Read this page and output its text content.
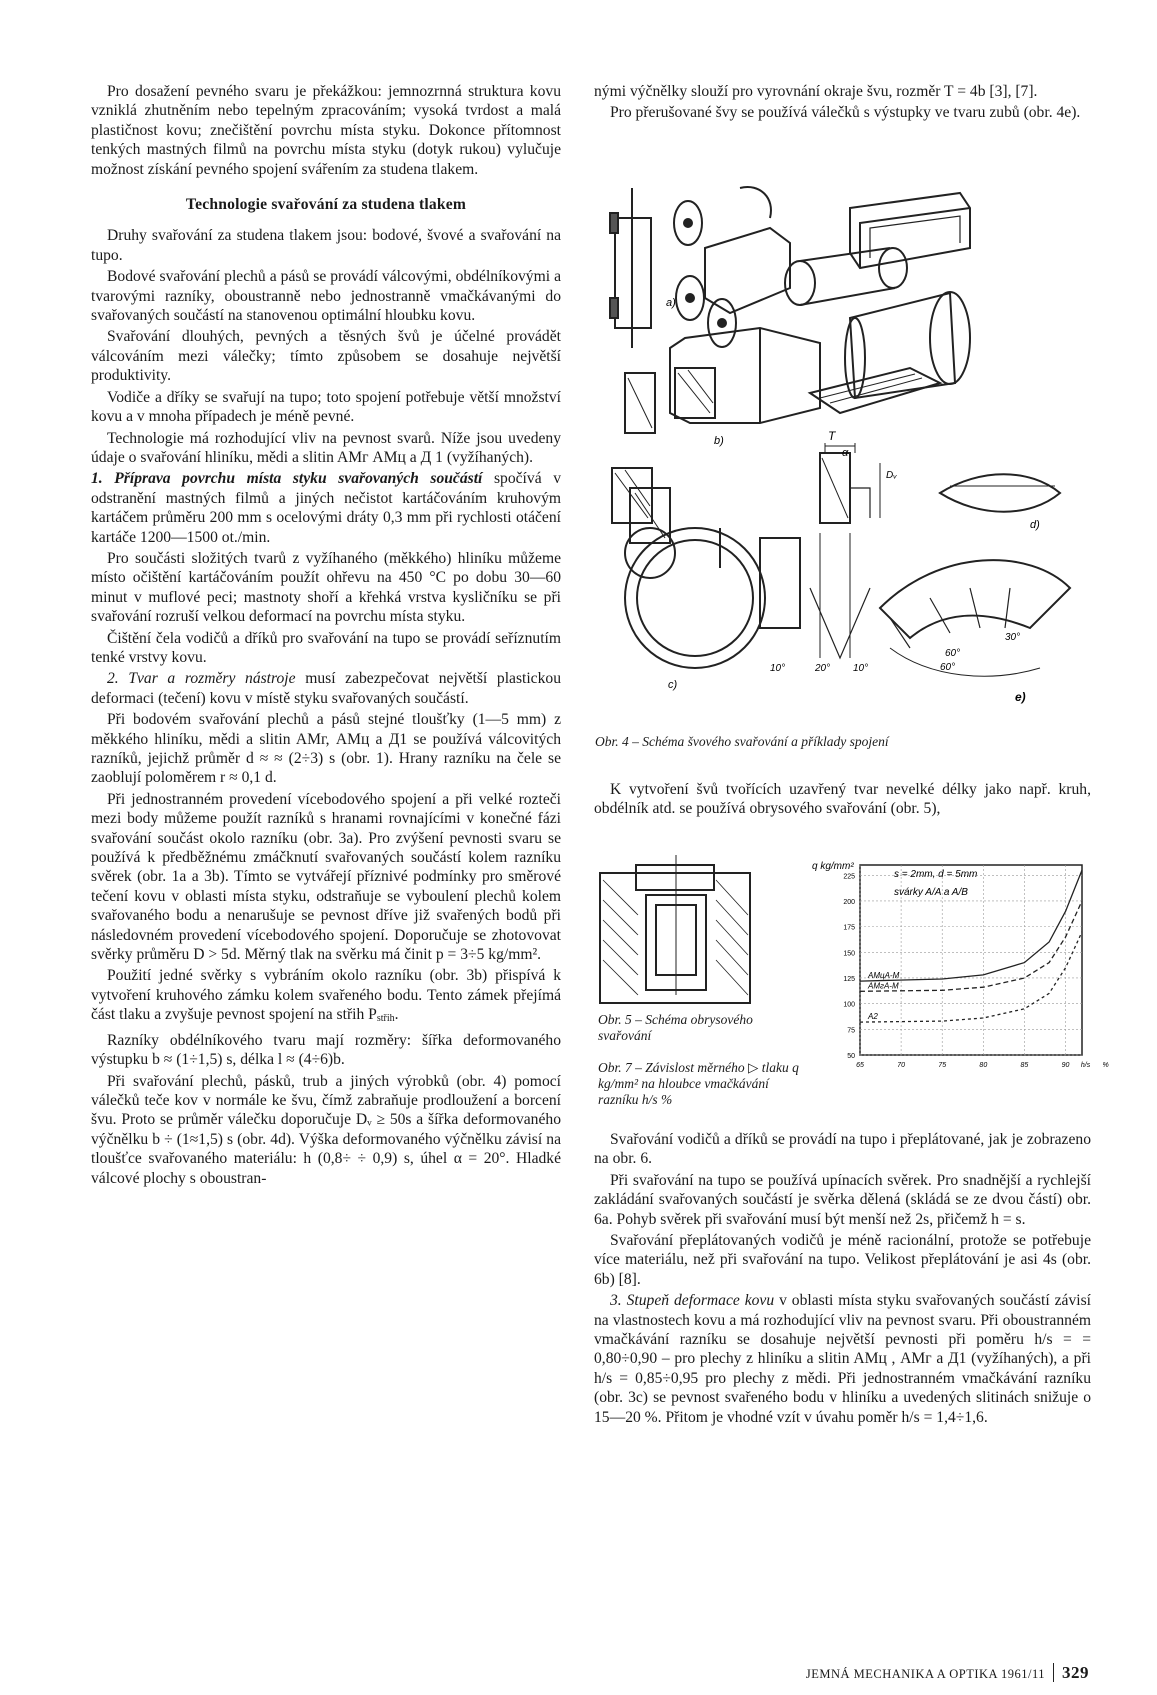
Pro dosažení pevného svaru je překážkou: jemnozrnná struktura kovu vzniklá zhutněním nebo tepelným zpracováním; vysoká tvrdost a malá plastičnost kovu; znečištění povrchu místa styku. Dokonce přítomnost tenkých mastných filmů na povrchu místa styku (dotyk rukou) vylučuje možnost získání pevného spojení svářením za studena tlakem.

Technologie svařování za studena tlakem

Druhy svařování za studena tlakem jsou: bodové, švové a svařování na tupo.

Bodové svařování plechů a pásů se provádí válcovými, obdélníkovými a tvarovými razníky, oboustranně nebo jednostranně vmačkávanými do svařovaných součástí na stanovenou optimální hloubku kovu.

Svařování dlouhých, pevných a těsných švů je účelné provádět válcováním mezi válečky; tímto způsobem se dosahuje největší produktivity.

Vodiče a dříky se svařují na tupo; toto spojení potřebuje větší množství kovu a v mnoha případech je méně pevné.

Technologie má rozhodující vliv na pevnost svarů. Níže jsou uvedeny údaje o svařování hliníku, mědi a slitin AMг AMц a Д 1 (vyžíhaných).

1. Příprava povrchu místa styku svařovaných součástí spočívá v odstranění mastných filmů a jiných nečistot kartáčováním kruhovým kartáčem průměru 200 mm s ocelovými dráty 0,3 mm při rychlosti otáčení kartáče 1200—1500 ot./min.

Pro součásti složitých tvarů z vyžíhaného (měkkého) hliníku můžeme místo očištění kartáčováním použít ohřevu na 450 °C po dobu 30—60 minut v muflové peci; mastnoty shoří a křehká vrstva kysličníku se při svařování rozruší velkou deformací na povrchu místa styku.

Čištění čela vodičů a dříků pro svařování na tupo se provádí seříznutím tenké vrstvy kovu.

2. Tvar a rozměry nástroje musí zabezpečovat největší plastickou deformaci (tečení) kovu v místě styku svařovaných součástí.

Při bodovém svařování plechů a pásů stejné tloušťky (1—5 mm) z měkkého hliníku, mědi a slitin AMг, AMц a Д1 se používá válcovitých razníků, jejichž průměr d ≈ ≈ (2÷3) s (obr. 1). Hrany razníku na čele se zaoblují poloměrem r ≈ 0,1 d.

Při jednostranném provedení vícebodového spojení a při velké rozteči mezi body můžeme použít razníků s hranami rovnajícími v konečné fázi svařování součást okolo razníku (obr. 3a). Pro zvýšení pevnosti svaru se používá k předběžnému zmáčknutí svařovaných součástí kolem razníku svěrek (obr. 1a a 3b). Tímto se vytvářejí příznivé podmínky pro směrové tečení kovu v oblasti místa styku, odstraňuje se vyboulení plechů kolem svařovaného bodu a nenarušuje se pevnost dříve již svařených bodů při následovném provedení vícebodového spojení. Doporučuje se zhotovovat svěrky průměru D > 5d. Měrný tlak na svěrku má činit p = 3÷5 kg/mm².

Použití jedné svěrky s vybráním okolo razníku (obr. 3b) přispívá k vytvoření kruhového zámku kolem svařeného bodu. Tento zámek přejímá část tlaku a zvyšuje pevnost spojení na střih $P_{střih}$.

Razníky obdélníkového tvaru mají rozměry: šířka deformovaného výstupku b ≈ (1÷1,5) s, délka l ≈ (4÷6)b.

Při svařování plechů, pásků, trub a jiných výrobků (obr. 4) pomocí válečků teče kov v normále ke švu, čímž zabraňuje prodloužení a borcení švu. Proto se průměr válečku doporučuje Dᵥ ≥ 50s a šířka deformovaného výčnělku b ÷ (1≈1,5) s (obr. 4d). Výška deformovaného výčnělku závisí na tloušťce svařovaného materiálu: h (0,8÷ ÷ 0,9) s, úhel α = 20°. Hladké válcové plochy s oboustran-

nými výčnělky slouží pro vyrovnání okraje švu, rozměr T = 4b [3], [7].

Pro přerušované švy se používá válečků s výstupky ve tvaru zubů (obr. 4e).

a)
b)	T
α
Dᵥ
d)
c)
10°	20° 10°
60°
30°
60°
e)
Obr. 4 – Schéma švového svařování a příklady spojení

K vytvoření švů tvořících uzavřený tvar nevelké délky jako např. kruh, obdélník atd. se používá obrysového svařování (obr. 5),

Obr. 5 – Schéma obrysového svařování
Obr. 7 – Závislost měrného ▷ tlaku q kg/mm² na hloubce vmačkávání razníku h/s %
q kg/mm²
50
75
100
125
150
175
200
225
65	70	75	80	85	90 h/s %
s = 2mm, d = 5mm
svárky A/A a A/B
AMцA-M
AMгA-M
A2

Svařování vodičů a dříků se provádí na tupo i přeplátované, jak je zobrazeno na obr. 6.

Při svařování na tupo se používá upínacích svěrek. Pro snadnější a rychlejší zakládání svařovaných součástí je svěrka dělená (skládá se ze dvou částí) obr. 6a. Pohyb svěrek při svařování musí být menší než 2s, přičemž h = s.

Svařování přeplátovaných vodičů je méně racionální, protože se potřebuje více materiálu, než při svařování na tupo. Velikost přeplátování je asi 4s (obr. 6b) [8].

3. Stupeň deformace kovu v oblasti místa styku svařovaných součástí závisí na vlastnostech kovu a má rozhodující vliv na pevnost svaru. Při oboustranném vmačkávání razníku se dosahuje největší pevnosti při poměru h/s = = 0,80÷0,90 – pro plechy z hliníku a slitin AMц , AMг a Д1 (vyžíhaných), a při h/s = 0,85÷0,95 pro plechy z mědi. Při jednostranném vmačkávání razníku (obr. 3c) se pevnost svařeného bodu v hliníku a uvedených slitinách snižuje o 15—20 %. Přitom je vhodné vzít v úvahu poměr h/s = 1,4÷1,6.

JEMNÁ MECHANIKA A OPTIKA 1961/11 329
